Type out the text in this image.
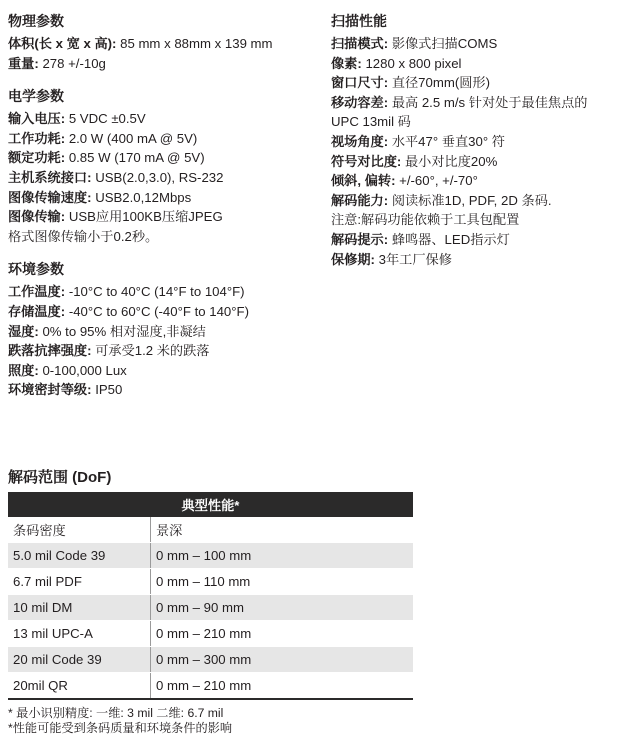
物理参数
体积(长 x 宽 x 高): 85 mm x 88mm x 139 mm
重量: 278 +/-10g
电学参数
输入电压: 5 VDC ±0.5V
工作功耗: 2.0 W (400 mA @ 5V)
额定功耗: 0.85 W (170 mA @ 5V)
主机系统接口: USB(2.0,3.0), RS-232
图像传输速度: USB2.0,12Mbps
图像传输: USB应用100KB压缩JPEG
格式图像传输小于0.2秒。
环境参数
工作温度: -10°C to 40°C (14°F to 104°F)
存储温度: -40°C to 60°C (-40°F to 140°F)
湿度: 0% to 95% 相对湿度,非凝结
跌落抗摔强度: 可承受1.2 米的跌落
照度: 0-100,000 Lux
环境密封等级: IP50
扫描性能
扫描模式: 影像式扫描COMS
像素: 1280 x 800 pixel
窗口尺寸: 直径70mm(圆形)
移动容差: 最高 2.5 m/s 针对处于最佳焦点的 UPC 13mil 码
视场角度: 水平47° 垂直30° 符
符号对比度: 最小对比度20%
倾斜, 偏转: +/-60°, +/-70°
解码能力: 阅读标准1D, PDF, 2D 条码.
注意:解码功能依赖于工具包配置
解码提示: 蜂鸣器、LED指示灯
保修期: 3年工厂保修
解码范围 (DoF)
典型性能*	
条码密度	景深
5.0 mil Code 39	0 mm – 100 mm
6.7 mil PDF	0 mm – 110 mm
10 mil DM	0 mm – 90 mm
13 mil UPC-A	0 mm – 210 mm
20 mil Code 39	0 mm – 300 mm
20mil QR	0 mm – 210 mm
* 最小识别精度: 一维: 3 mil 二维: 6.7 mil
*性能可能受到条码质量和环境条件的影响
